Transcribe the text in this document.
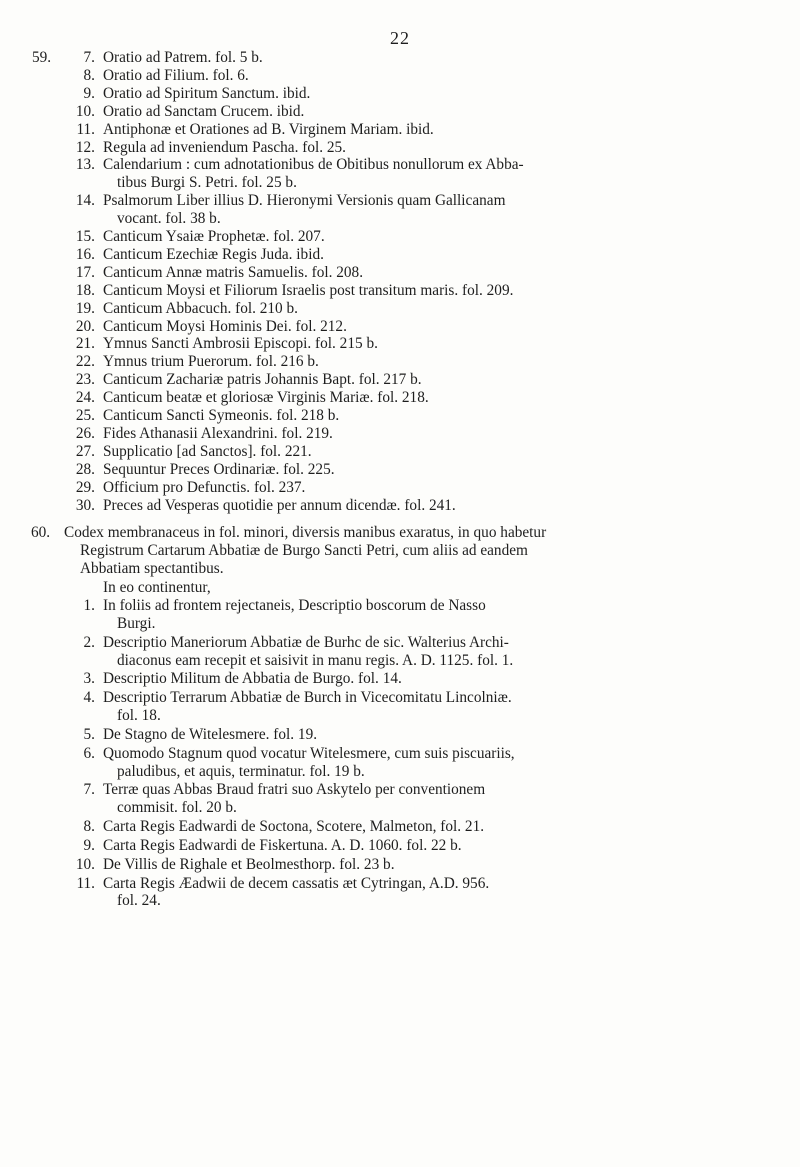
22
59.	7. Oratio ad Patrem. fol. 5 b.
8. Oratio ad Filium. fol. 6.
9. Oratio ad Spiritum Sanctum. ibid.
10. Oratio ad Sanctam Crucem. ibid.
11. Antiphonæ et Orationes ad B. Virginem Mariam. ibid.
12. Regula ad inveniendum Pascha. fol. 25.
13. Calendarium : cum adnotationibus de Obitibus nonullorum ex Abba-
tibus Burgi S. Petri. fol. 25 b.
14. Psalmorum Liber illius D. Hieronymi Versionis quam Gallicanam
vocant. fol. 38 b.
15. Canticum Ysaiæ Prophetæ. fol. 207.
16. Canticum Ezechiæ Regis Juda. ibid.
17. Canticum Annæ matris Samuelis. fol. 208.
18. Canticum Moysi et Filiorum Israelis post transitum maris. fol. 209.
19. Canticum Abbacuch. fol. 210 b.
20. Canticum Moysi Hominis Dei. fol. 212.
21. Ymnus Sancti Ambrosii Episcopi. fol. 215 b.
22. Ymnus trium Puerorum. fol. 216 b.
23. Canticum Zachariæ patris Johannis Bapt. fol. 217 b.
24. Canticum beatæ et gloriosæ Virginis Mariæ. fol. 218.
25. Canticum Sancti Symeonis. fol. 218 b.
26. Fides Athanasii Alexandrini. fol. 219.
27. Supplicatio [ad Sanctos]. fol. 221.
28. Sequuntur Preces Ordinariæ. fol. 225.
29. Officium pro Defunctis. fol. 237.
30. Preces ad Vesperas quotidie per annum dicendæ. fol. 241.
60. Codex membranaceus in fol. minori, diversis manibus exaratus, in quo habetur
Registrum Cartarum Abbatiæ de Burgo Sancti Petri, cum aliis ad eandem
Abbatiam spectantibus.
In eo continentur,
1. In foliis ad frontem rejectaneis, Descriptio boscorum de Nasso
Burgi.
2. Descriptio Maneriorum Abbatiæ de Burhc de sic. Walterius Archi-
diaconus eam recepit et saisivit in manu regis. A. D. 1125. fol. 1.
3. Descriptio Militum de Abbatia de Burgo. fol. 14.
4. Descriptio Terrarum Abbatiæ de Burch in Vicecomitatu Lincolniæ.
fol. 18.
5. De Stagno de Witelesmere. fol. 19.
6. Quomodo Stagnum quod vocatur Witelesmere, cum suis piscuariis,
paludibus, et aquis, terminatur. fol. 19 b.
7. Terræ quas Abbas Braud fratri suo Askytelo per conventionem
commisit. fol. 20 b.
8. Carta Regis Eadwardi de Soctona, Scotere, Malmeton, fol. 21.
9. Carta Regis Eadwardi de Fiskertuna. A. D. 1060. fol. 22 b.
10. De Villis de Righale et Beolmesthorp. fol. 23 b.
11. Carta Regis Æadwii de decem cassatis æt Cytringan, A.D. 956.
fol. 24.
